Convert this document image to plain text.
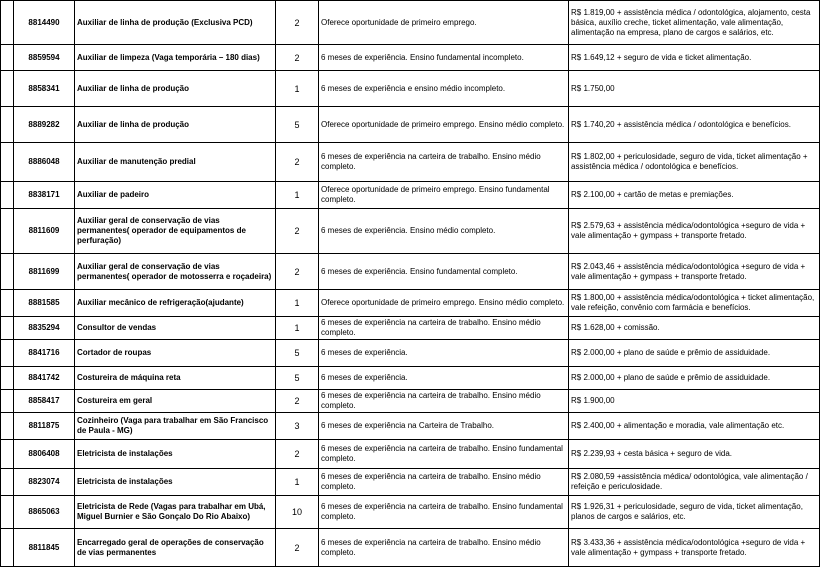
	8814490	Auxiliar de linha de produção (Exclusiva PCD)	2	Oferece oportunidade de primeiro emprego.	R$ 1.819,00 + assistência médica / odontológica, alojamento, cesta básica, auxílio creche, ticket alimentação, vale alimentação, alimentação na empresa, plano de cargos e salários, etc.
	8859594	Auxiliar de limpeza (Vaga temporária – 180 dias)	2	6 meses de experiência. Ensino fundamental incompleto.	R$ 1.649,12 + seguro de vida e ticket alimentação.
	8858341	Auxiliar de linha de produção	1	6 meses de experiência e ensino médio incompleto.	R$ 1.750,00
	8889282	Auxiliar de linha de produção	5	Oferece oportunidade de primeiro emprego. Ensino médio completo.	R$ 1.740,20 + assistência médica / odontológica e benefícios.
	8886048	Auxiliar de manutenção predial	2	6 meses de experiência na carteira de trabalho. Ensino médio completo.	R$ 1.802,00 + periculosidade, seguro de vida, ticket alimentação + assistência médica / odontológica e benefícios.
	8838171	Auxiliar de padeiro	1	Oferece oportunidade de primeiro emprego. Ensino fundamental completo.	R$ 2.100,00 + cartão de metas e premiações.
	8811609	Auxiliar geral de conservação de vias permanentes( operador de equipamentos de perfuração)	2	6 meses de experiência. Ensino médio completo.	R$ 2.579,63 + assistência médica/odontológica +seguro de vida + vale alimentação + gympass + transporte fretado.
	8811699	Auxiliar geral de conservação de vias permanentes( operador de motosserra e roçadeira)	2	6 meses de experiência. Ensino fundamental completo.	R$ 2.043,46 + assistência médica/odontológica +seguro de vida + vale alimentação + gympass + transporte fretado.
	8881585	Auxiliar mecânico de refrigeração(ajudante)	1	Oferece oportunidade de primeiro emprego. Ensino médio completo.	R$ 1.800,00 + assistência médica/odontológica + ticket alimentação, vale refeição, convênio com farmácia e benefícios.
	8835294	Consultor de vendas	1	6 meses de experiência na carteira de trabalho. Ensino médio completo.	R$ 1.628,00 + comissão.
	8841716	Cortador de roupas	5	6 meses de experiência.	R$ 2.000,00 + plano de saúde e prêmio de assiduidade.
	8841742	Costureira de máquina reta	5	6 meses de experiência.	R$ 2.000,00 + plano de saúde e prêmio de assiduidade.
	8858417	Costureira em geral	2	6 meses de experiência na carteira de trabalho. Ensino médio completo.	R$ 1.900,00
	8811875	Cozinheiro (Vaga para trabalhar em São Francisco de Paula - MG)	3	6 meses de experiência na Carteira de Trabalho.	R$ 2.400,00 + alimentação e moradia, vale alimentação etc.
	8806408	Eletricista de instalações	2	6 meses de experiência na carteira de trabalho. Ensino fundamental completo.	R$ 2.239,93 + cesta básica + seguro de vida.
	8823074	Eletricista de instalações	1	6 meses de experiência na carteira de trabalho. Ensino médio completo.	R$ 2.080,59 +assistência médica/ odontológica, vale alimentação / refeição e periculosidade.
	8865063	Eletricista de Rede (Vagas para trabalhar em Ubá, Miguel Burnier e São Gonçalo Do Rio Abaixo)	10	6 meses de experiência na carteira de trabalho. Ensino fundamental completo.	R$ 1.926,31 + periculosidade, seguro de vida, ticket alimentação, planos de cargos e salários, etc.
	8811845	Encarregado geral de operações de conservação de vias permanentes	2	6 meses de experiência na carteira de trabalho. Ensino médio completo.	R$ 3.433,36 + assistência médica/odontológica +seguro de vida + vale alimentação + gympass + transporte fretado.
